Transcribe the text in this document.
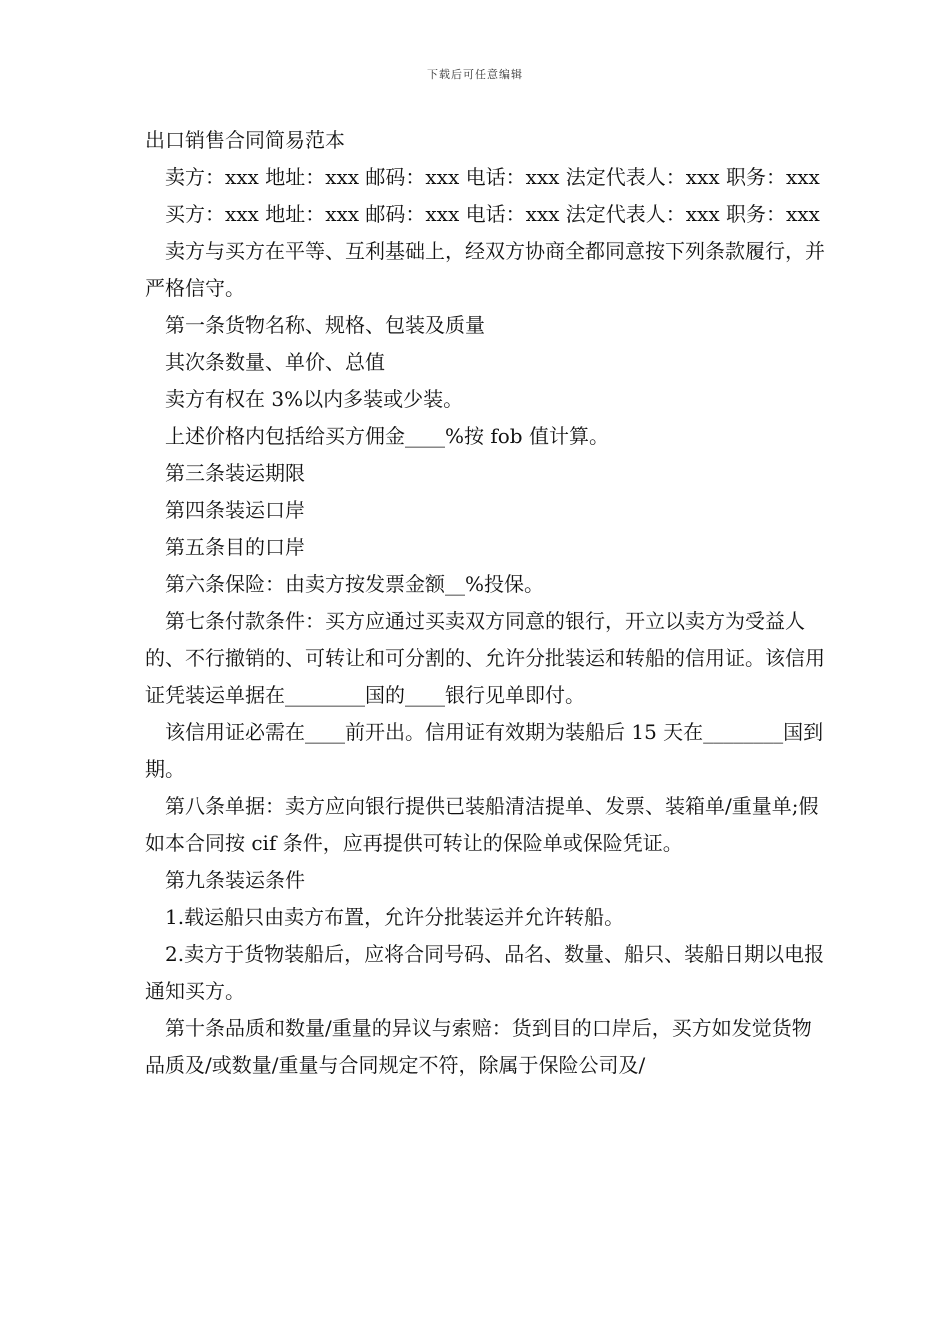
下载后可任意编辑

出口销售合同简易范本

卖方：xxx 地址：xxx 邮码：xxx 电话：xxx 法定代表人：xxx 职务：xxx

买方：xxx 地址：xxx 邮码：xxx 电话：xxx 法定代表人：xxx 职务：xxx

卖方与买方在平等、互利基础上，经双方协商全都同意按下列条款履行，并严格信守。

第一条货物名称、规格、包装及质量

其次条数量、单价、总值

卖方有权在 3%以内多装或少装。

上述价格内包括给买方佣金____%按 fob 值计算。

第三条装运期限

第四条装运口岸

第五条目的口岸

第六条保险：由卖方按发票金额__%投保。

第七条付款条件：买方应通过买卖双方同意的银行，开立以卖方为受益人的、不行撤销的、可转让和可分割的、允许分批装运和转船的信用证。该信用证凭装运单据在________国的____银行见单即付。

该信用证必需在____前开出。信用证有效期为装船后 15 天在________国到期。

第八条单据：卖方应向银行提供已装船清洁提单、发票、装箱单/重量单;假如本合同按 cif 条件，应再提供可转让的保险单或保险凭证。

第九条装运条件

1.载运船只由卖方布置，允许分批装运并允许转船。

2.卖方于货物装船后，应将合同号码、品名、数量、船只、装船日期以电报通知买方。

第十条品质和数量/重量的异议与索赔：货到目的口岸后，买方如发觉货物品质及/或数量/重量与合同规定不符，除属于保险公司及/
